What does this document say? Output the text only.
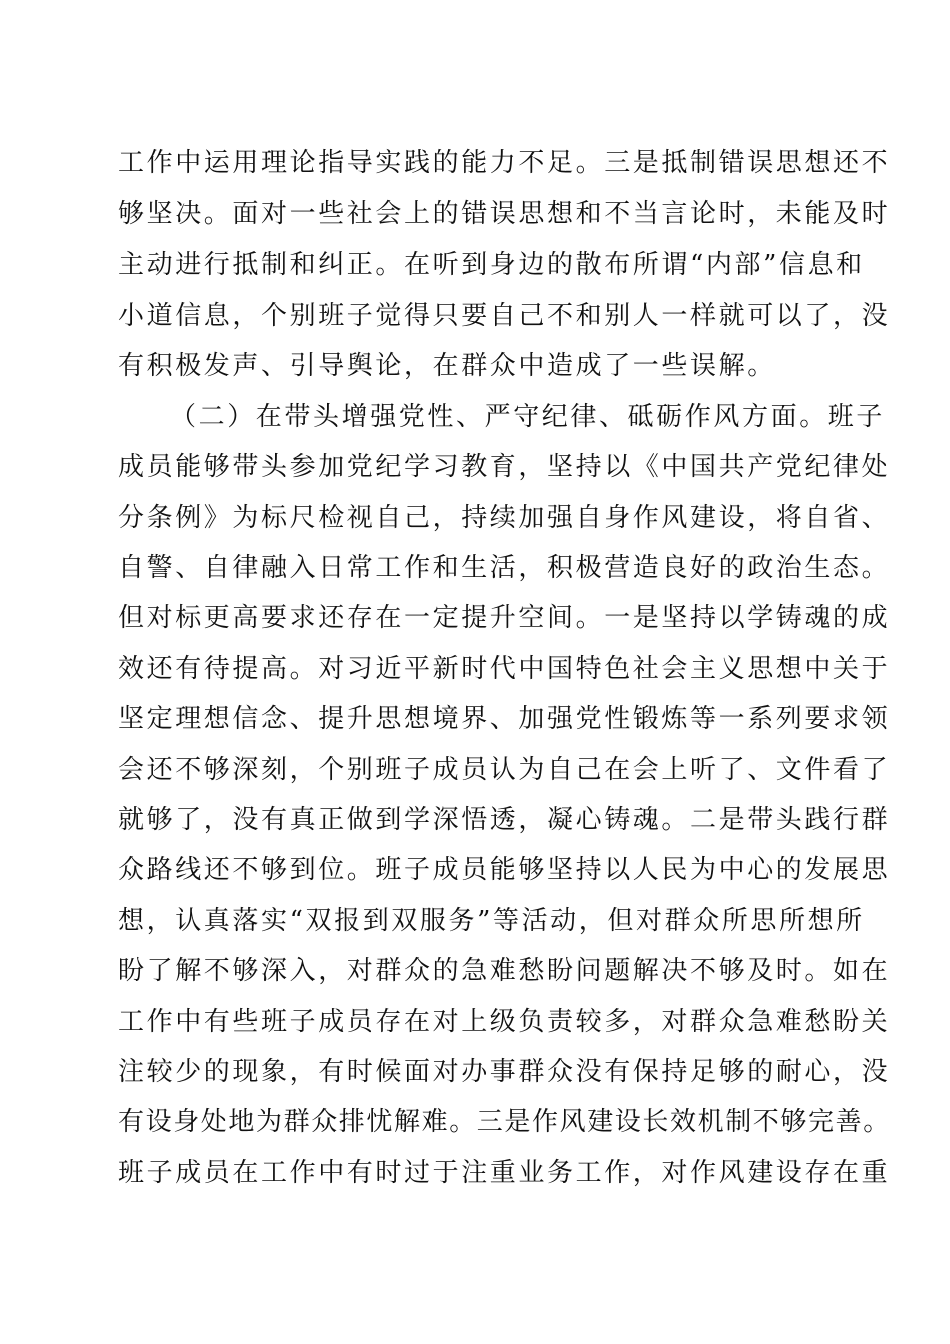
工作中运用理论指导实践的能力不足。三是抵制错误思想还不
够坚决。面对一些社会上的错误思想和不当言论时，未能及时
主动进行抵制和纠正。在听到身边的散布所谓“内部”信息和
小道信息，个别班子觉得只要自己不和别人一样就可以了，没
有积极发声、引导舆论，在群众中造成了一些误解。
（二）在带头增强党性、严守纪律、砥砺作风方面。班子
成员能够带头参加党纪学习教育，坚持以《中国共产党纪律处
分条例》为标尺检视自己，持续加强自身作风建设，将自省、
自警、自律融入日常工作和生活，积极营造良好的政治生态。
但对标更高要求还存在一定提升空间。一是坚持以学铸魂的成
效还有待提高。对习近平新时代中国特色社会主义思想中关于
坚定理想信念、提升思想境界、加强党性锻炼等一系列要求领
会还不够深刻，个别班子成员认为自己在会上听了、文件看了
就够了，没有真正做到学深悟透，凝心铸魂。二是带头践行群
众路线还不够到位。班子成员能够坚持以人民为中心的发展思
想，认真落实“双报到双服务”等活动，但对群众所思所想所
盼了解不够深入，对群众的急难愁盼问题解决不够及时。如在
工作中有些班子成员存在对上级负责较多，对群众急难愁盼关
注较少的现象，有时候面对办事群众没有保持足够的耐心，没
有设身处地为群众排忧解难。三是作风建设长效机制不够完善。
班子成员在工作中有时过于注重业务工作，对作风建设存在重
